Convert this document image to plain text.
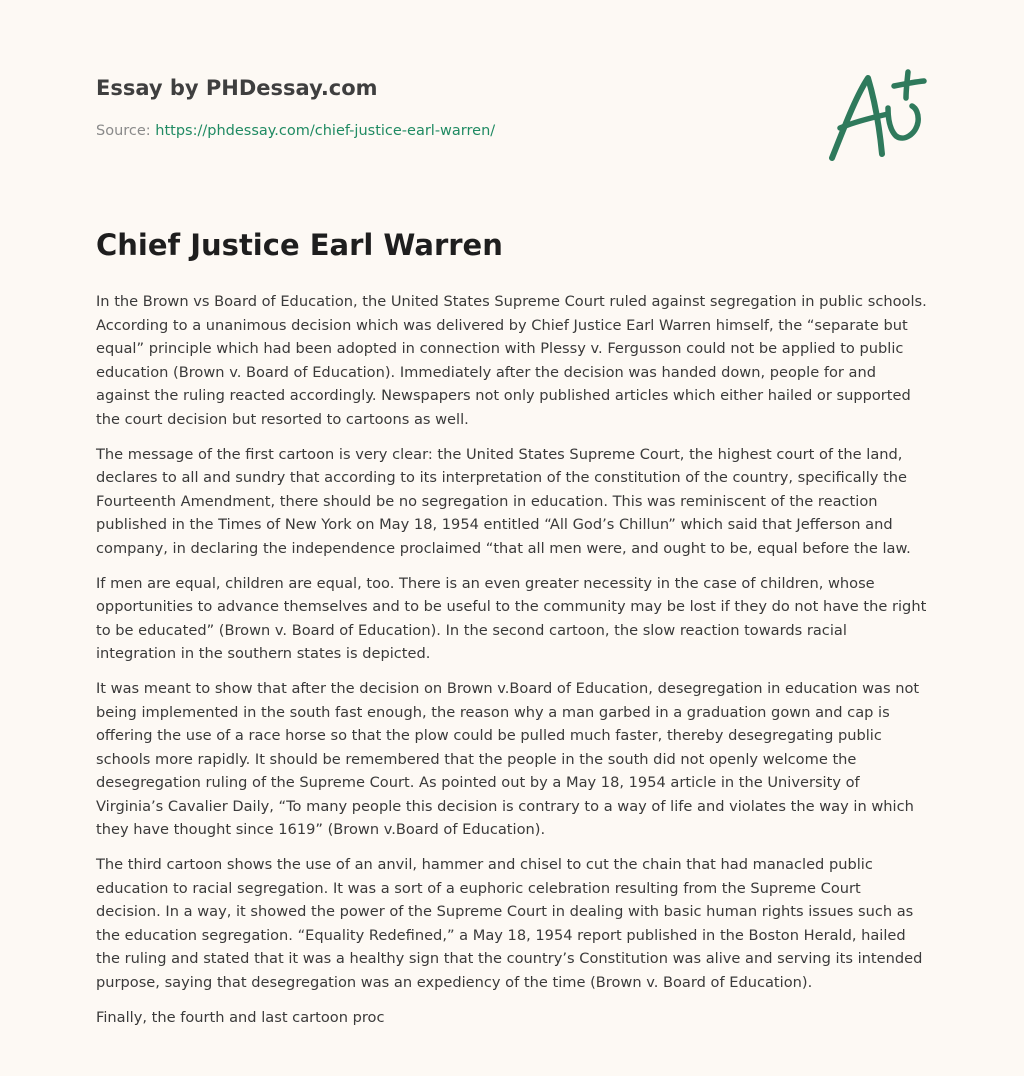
Essay by PHDessay.com
Source: https://phdessay.com/chief-justice-earl-warren/
Chief Justice Earl Warren

In the Brown vs Board of Education, the United States Supreme Court ruled against segregation in public schools. According to a unanimous decision which was delivered by Chief Justice Earl Warren himself, the “separate but equal” principle which had been adopted in connection with Plessy v. Fergusson could not be applied to public education (Brown v. Board of Education). Immediately after the decision was handed down, people for and against the ruling reacted accordingly. Newspapers not only published articles which either hailed or supported the court decision but resorted to cartoons as well.

The message of the first cartoon is very clear: the United States Supreme Court, the highest court of the land, declares to all and sundry that according to its interpretation of the constitution of the country, specifically the Fourteenth Amendment, there should be no segregation in education. This was reminiscent of the reaction published in the Times of New York on May 18, 1954 entitled “All God’s Chillun” which said that Jefferson and company, in declaring the independence proclaimed “that all men were, and ought to be, equal before the law.

If men are equal, children are equal, too. There is an even greater necessity in the case of children, whose opportunities to advance themselves and to be useful to the community may be lost if they do not have the right to be educated” (Brown v. Board of Education). In the second cartoon, the slow reaction towards racial integration in the southern states is depicted.

It was meant to show that after the decision on Brown v.Board of Education, desegregation in education was not being implemented in the south fast enough, the reason why a man garbed in a graduation gown and cap is offering the use of a race horse so that the plow could be pulled much faster, thereby desegregating public schools more rapidly. It should be remembered that the people in the south did not openly welcome the desegregation ruling of the Supreme Court. As pointed out by a May 18, 1954 article in the University of Virginia’s Cavalier Daily, “To many people this decision is contrary to a way of life and violates the way in which they have thought since 1619” (Brown v.Board of Education).

The third cartoon shows the use of an anvil, hammer and chisel to cut the chain that had manacled public education to racial segregation. It was a sort of a euphoric celebration resulting from the Supreme Court decision. In a way, it showed the power of the Supreme Court in dealing with basic human rights issues such as the education segregation. “Equality Redefined,” a May 18, 1954 report published in the Boston Herald, hailed the ruling and stated that it was a healthy sign that the country’s Constitution was alive and serving its intended purpose, saying that desegregation was an expediency of the time (Brown v. Board of Education).

Finally, the fourth and last cartoon proc
